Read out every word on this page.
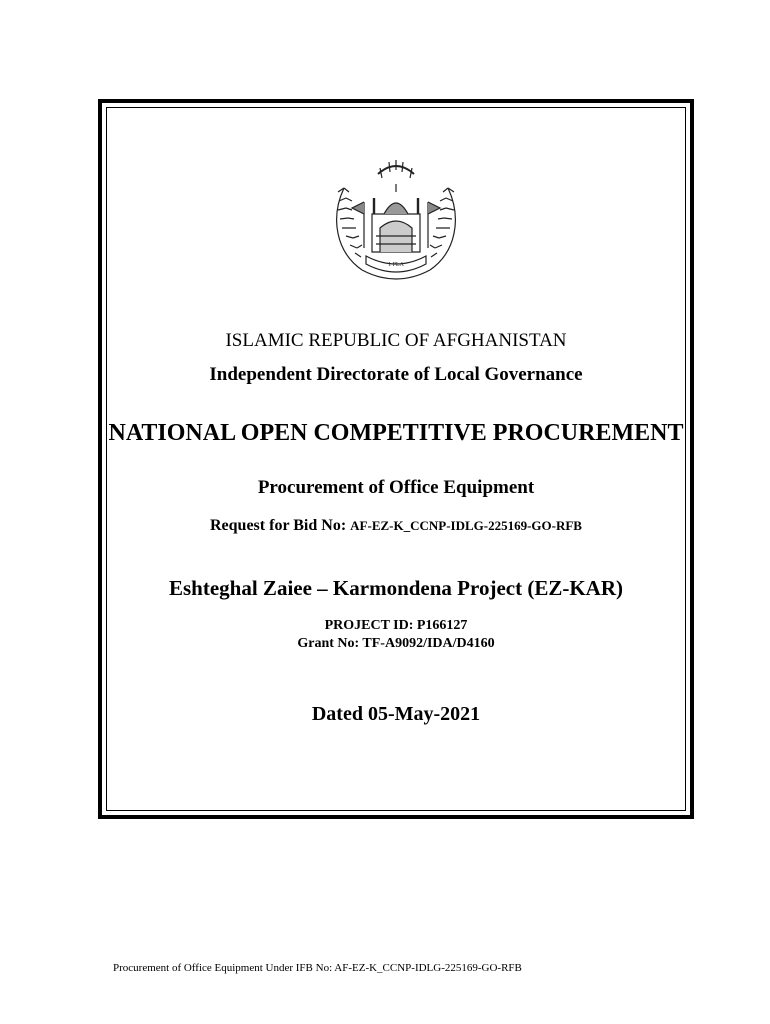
1 PLA
ISLAMIC REPUBLIC OF AFGHANISTAN
Independent Directorate of Local Governance
NATIONAL OPEN COMPETITIVE PROCUREMENT
Procurement of Office Equipment
Request for Bid No: AF-EZ-K_CCNP-IDLG-225169-GO-RFB
Eshteghal Zaiee – Karmondena Project (EZ-KAR)
PROJECT ID: P166127
Grant No: TF-A9092/IDA/D4160
Dated 05-May-2021
Procurement of Office Equipment Under IFB No: AF-EZ-K_CCNP-IDLG-225169-GO-RFB
